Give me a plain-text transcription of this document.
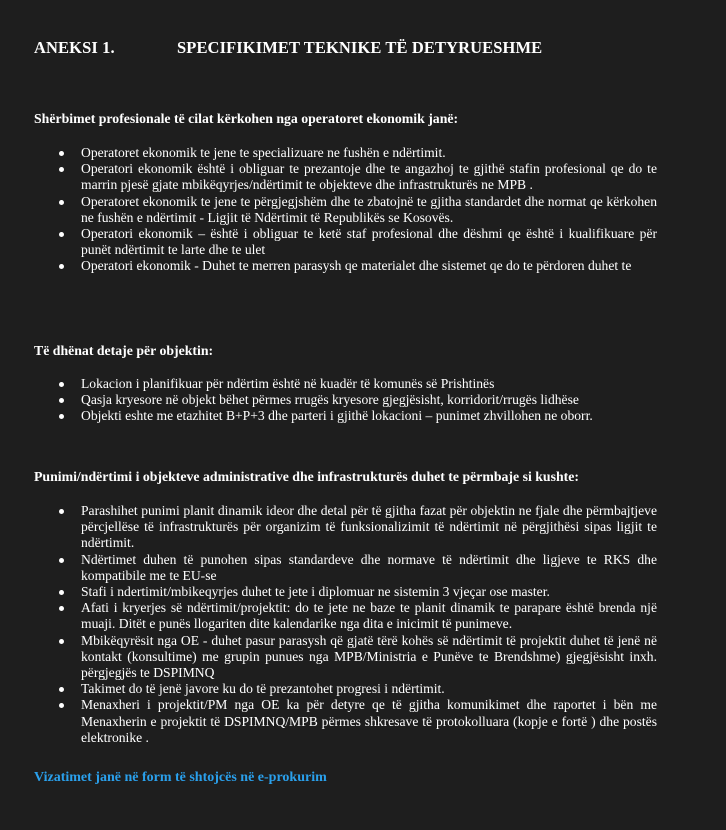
ANEKSI 1.	SPECIFIKIMET TEKNIKE TË DETYRUESHME
Shërbimet profesionale të cilat kërkohen nga operatoret ekonomik janë:
Operatoret ekonomik te jene te specializuare ne fushën e ndërtimit.
Operatori ekonomik është i obliguar te prezantoje dhe te angazhoj te gjithë stafin profesional qe do te marrin pjesë gjate mbikëqyrjes/ndërtimit te objekteve dhe infrastrukturës ne MPB .
Operatoret ekonomik te jene te përgjegjshëm dhe te zbatojnë te gjitha standardet dhe normat qe kërkohen ne fushën e ndërtimit - Ligjit të Ndërtimit të Republikës se Kosovës.
Operatori ekonomik – është i obliguar te ketë staf profesional dhe dëshmi qe është i kualifikuare për punët ndërtimit te larte dhe te ulet
Operatori ekonomik - Duhet te merren parasysh qe materialet dhe sistemet qe do te përdoren duhet te
Të dhënat detaje për objektin:
Lokacion i planifikuar për ndërtim është në kuadër të komunës së Prishtinës
Qasja kryesore në objekt bëhet përmes rrugës kryesore gjegjësisht, korridorit/rrugës lidhëse
Objekti eshte me etazhitet B+P+3 dhe parteri i gjithë lokacioni – punimet zhvillohen ne oborr.
Punimi/ndërtimi i objekteve administrative dhe infrastrukturës duhet te përmbaje si kushte:
Parashihet punimi planit dinamik ideor dhe detal për të gjitha fazat për objektin ne fjale dhe përmbajtjeve përcjellëse të infrastrukturës për organizim të funksionalizimit të ndërtimit në përgjithësi sipas ligjit te ndërtimit.
Ndërtimet duhen të punohen sipas standardeve dhe normave të ndërtimit dhe ligjeve te RKS dhe kompatibile me te EU-se
Stafi i ndertimit/mbikeqyrjes duhet te jete i diplomuar ne sistemin 3 vjeçar ose master.
Afati i kryerjes së ndërtimit/projektit: do te jete ne baze te planit dinamik te parapare është brenda një muaji. Ditët e punës llogariten dite kalendarike nga dita e inicimit të punimeve.
Mbikëqyrësit nga OE - duhet pasur parasysh që gjatë tërë kohës së ndërtimit të projektit duhet të jenë në kontakt (konsultime) me grupin punues nga MPB/Ministria e Punëve te Brendshme) gjegjësisht inxh. përgjegjës te DSPIMNQ
Takimet do të jenë javore ku do të prezantohet progresi i ndërtimit.
Menaxheri i projektit/PM nga OE ka për detyre qe të gjitha komunikimet dhe raportet i bën me Menaxherin e projektit të DSPIMNQ/MPB përmes shkresave të protokolluara (kopje e fortë ) dhe postës elektronike .
Vizatimet janë në form të shtojcës në e-prokurim
